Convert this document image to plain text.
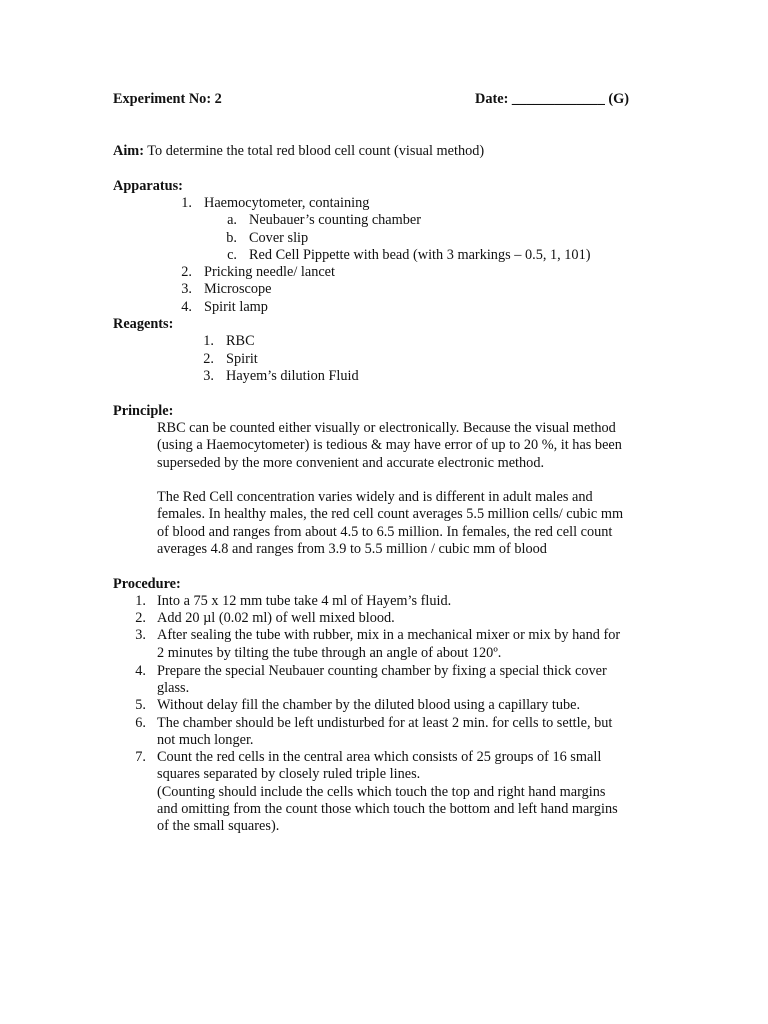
Experiment No: 2	Date: _____________ (G)
Aim: To determine the total red blood cell count (visual method)
Apparatus:
1. Haemocytometer, containing
a. Neubauer’s counting chamber
b. Cover slip
c. Red Cell Pippette with bead (with 3 markings – 0.5, 1, 101)
2. Pricking needle/ lancet
3. Microscope
4. Spirit lamp
Reagents:
1. RBC
2. Spirit
3. Hayem’s dilution Fluid
Principle:
RBC can be counted either visually or electronically. Because the visual method
(using a Haemocytometer) is tedious & may have error of up to 20 %, it has been
superseded by the more convenient and accurate electronic method.
The Red Cell concentration varies widely and is different in adult males and
females. In healthy males, the red cell count averages 5.5 million cells/ cubic mm
of blood and ranges from about 4.5 to 6.5 million. In females, the red cell count
averages 4.8 and ranges from 3.9 to 5.5 million / cubic mm of blood
Procedure:
1. Into a 75 x 12 mm tube take 4 ml of Hayem’s fluid.
2. Add 20 µl (0.02 ml) of well mixed blood.
3. After sealing the tube with rubber, mix in a mechanical mixer or mix by hand for
2 minutes by tilting the tube through an angle of about 120º.
4. Prepare the special Neubauer counting chamber by fixing a special thick cover
glass.
5. Without delay fill the chamber by the diluted blood using a capillary tube.
6. The chamber should be left undisturbed for at least 2 min. for cells to settle, but
not much longer.
7. Count the red cells in the central area which consists of 25 groups of 16 small
squares separated by closely ruled triple lines.
(Counting should include the cells which touch the top and right hand margins
and omitting from the count those which touch the bottom and left hand margins
of the small squares).
